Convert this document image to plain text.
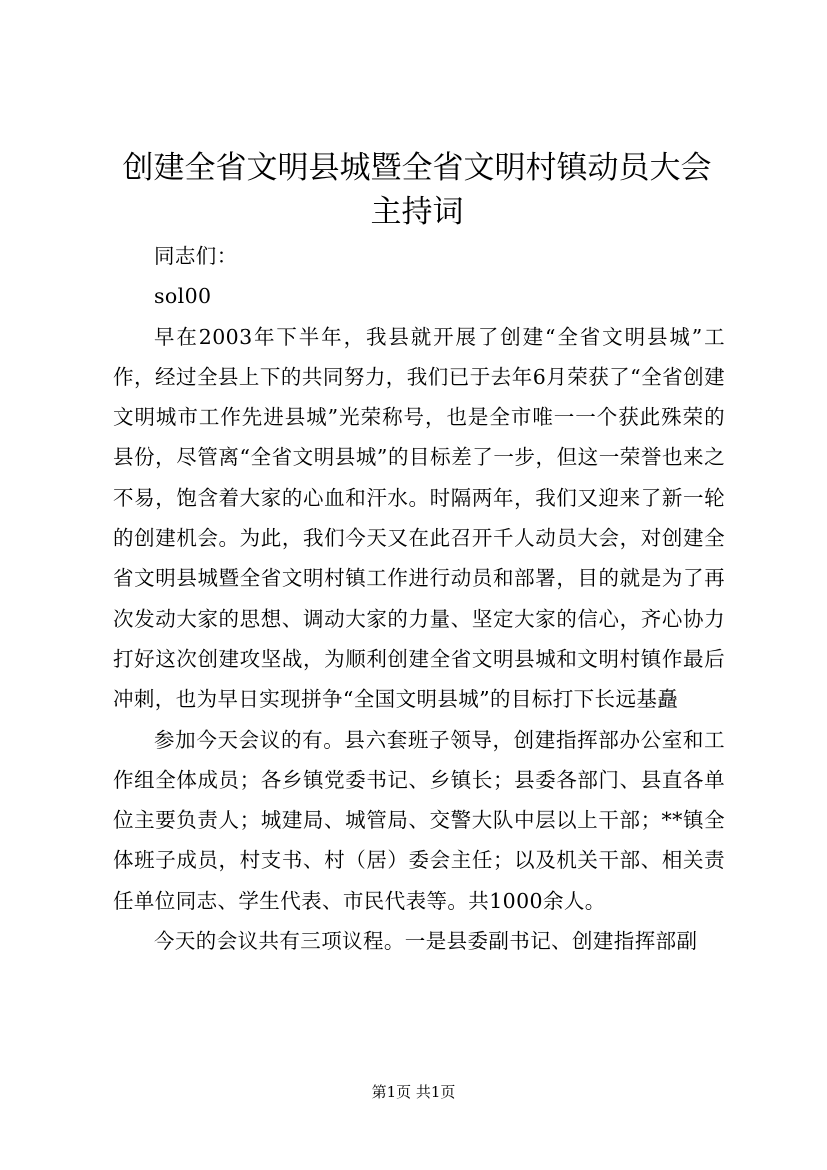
创建全省文明县城暨全省文明村镇动员大会主持词

同志们：

sol00

早在2003年下半年，我县就开展了创建“全省文明县城”工作，经过全县上下的共同努力，我们已于去年6月荣获了“全省创建文明城市工作先进县城”光荣称号，也是全市唯一一个获此殊荣的县份，尽管离“全省文明县城”的目标差了一步，但这一荣誉也来之不易，饱含着大家的心血和汗水。时隔两年，我们又迎来了新一轮的创建机会。为此，我们今天又在此召开千人动员大会，对创建全省文明县城暨全省文明村镇工作进行动员和部署，目的就是为了再次发动大家的思想、调动大家的力量、坚定大家的信心，齐心协力打好这次创建攻坚战，为顺利创建全省文明县城和文明村镇作最后冲刺，也为早日实现拼争“全国文明县城”的目标打下长远基矗

参加今天会议的有。县六套班子领导，创建指挥部办公室和工作组全体成员；各乡镇党委书记、乡镇长；县委各部门、县直各单位主要负责人；城建局、城管局、交警大队中层以上干部；**镇全体班子成员，村支书、村（居）委会主任；以及机关干部、相关责任单位同志、学生代表、市民代表等。共1000余人。

今天的会议共有三项议程。一是县委副书记、创建指挥部副

第1页 共1页
